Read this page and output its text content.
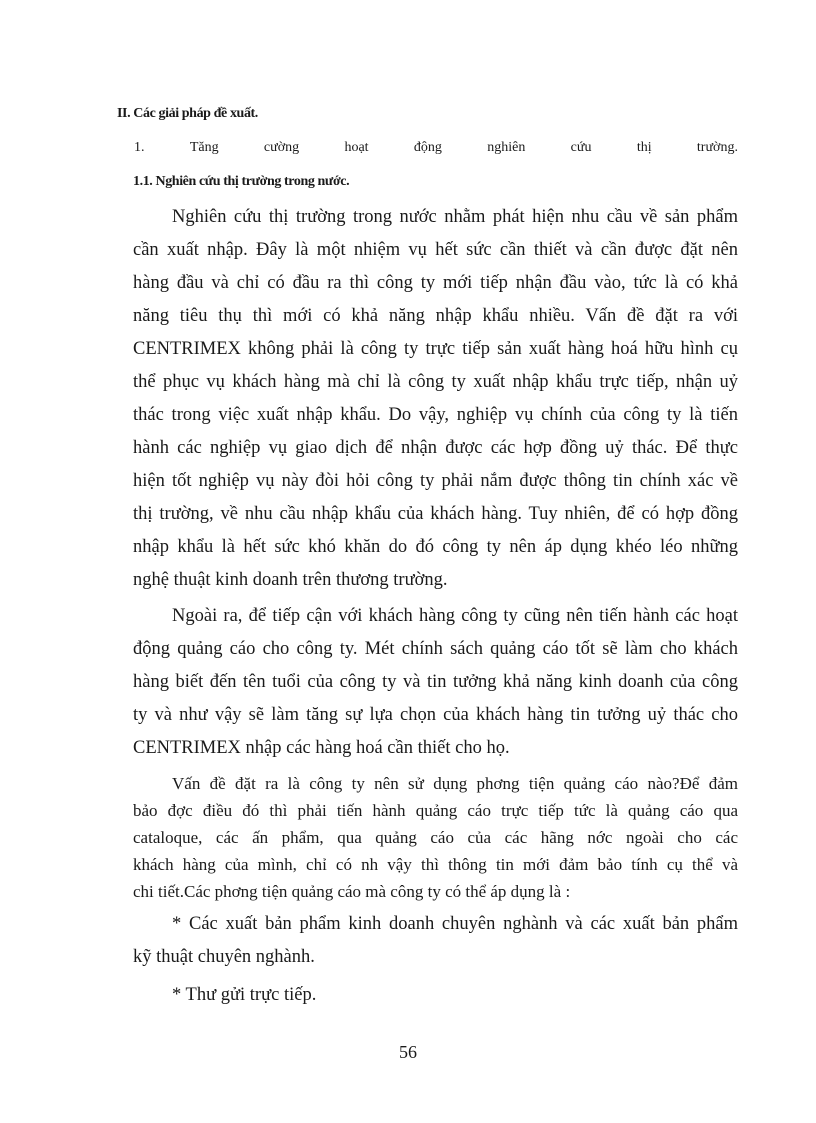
II. Các giải pháp đề xuất.
1.	Tăng	cường	hoạt	động	nghiên	cứu	thị	trường.
1.1. Nghiên cứu thị trường trong nước.
Nghiên cứu thị trường trong nước nhằm phát hiện nhu cầu về sản phẩm
cần xuất nhập. Đây là một nhiệm vụ hết sức cần thiết và cần được đặt nên
hàng đầu và chỉ có đầu ra thì công ty mới tiếp nhận đầu vào, tức là có khả
năng tiêu thụ thì mới có khả năng nhập khẩu nhiều. Vấn đề đặt ra với
CENTRIMEX không phải là công ty trực tiếp sản xuất hàng hoá hữu hình cụ
thể phục vụ khách hàng mà chỉ là công ty xuất nhập khẩu trực tiếp, nhận uỷ
thác trong việc xuất nhập khẩu. Do vậy, nghiệp vụ chính của công ty là tiến
hành các nghiệp vụ giao dịch để nhận được các hợp đồng uỷ thác. Để thực
hiện tốt nghiệp vụ này đòi hỏi công ty phải nắm được thông tin chính xác về
thị trường, về nhu cầu nhập khẩu của khách hàng. Tuy nhiên, để có hợp đồng
nhập khẩu là hết sức khó khăn do đó công ty nên áp dụng khéo léo những
nghệ thuật kinh doanh trên thương trường.
Ngoài ra, để tiếp cận với khách hàng công ty cũng nên tiến hành các hoạt
động quảng cáo cho công ty. Mét chính sách quảng cáo tốt sẽ làm cho khách
hàng biết đến tên tuổi của công ty và tin tưởng khả năng kinh doanh của công
ty và như vậy sẽ làm tăng sự lựa chọn của khách hàng tin tưởng uỷ thác cho
CENTRIMEX nhập các hàng hoá cần thiết cho họ.
Vấn đề đặt ra là công ty nên sử dụng phơng tiện quảng cáo nào?Để đảm
bảo đợc điều đó thì phải tiến hành quảng cáo trực tiếp tức là quảng cáo qua
cataloque, các ấn phẩm, qua quảng cáo của các hãng nớc ngoài cho các
khách hàng của mình, chỉ có nh vậy thì thông tin mới đảm bảo tính cụ thể và
chi tiết.Các phơng tiện quảng cáo mà công ty có thể áp dụng là :
* Các xuất bản phẩm kinh doanh chuyên nghành và các xuất bản phẩm
kỹ thuật chuyên nghành.
* Thư gửi trực tiếp.
56
